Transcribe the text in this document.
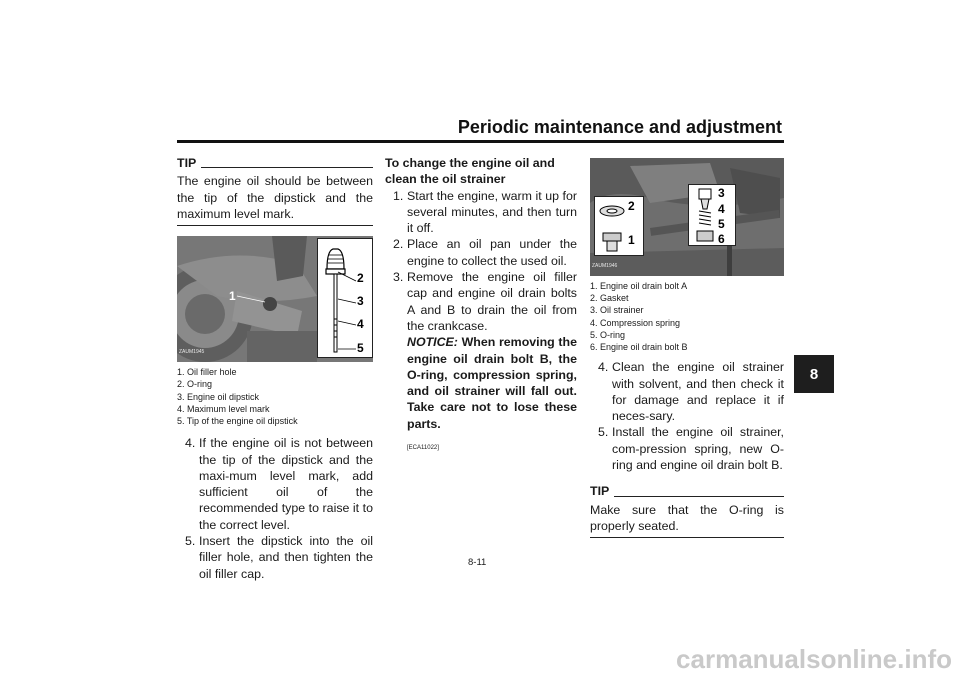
Periodic maintenance and adjustment
8
TIP
The engine oil should be between the tip of the dipstick and the maximum level mark.
1
2
3
4
5
ZAUM1945
1. Oil filler hole
2. O-ring
3. Engine oil dipstick
4. Maximum level mark
5. Tip of the engine oil dipstick
4. If the engine oil is not between the tip of the dipstick and the maxi-mum level mark, add sufficient oil of the recommended type to raise it to the correct level.
5. Insert the dipstick into the oil filler hole, and then tighten the oil filler cap.
To change the engine oil and clean the oil strainer
1. Start the engine, warm it up for several minutes, and then turn it off.
2. Place an oil pan under the engine to collect the used oil.
3. Remove the engine oil filler cap and engine oil drain bolts A and B to drain the oil from the crankcase.
NOTICE: When removing the engine oil drain bolt B, the O-ring, compression spring, and oil strainer will fall out. Take care not to lose these parts.
[ECA11022]
1
2
3
4
5
6
ZAUM1946
1. Engine oil drain bolt A
2. Gasket
3. Oil strainer
4. Compression spring
5. O-ring
6. Engine oil drain bolt B
4. Clean the engine oil strainer with solvent, and then check it for damage and replace it if neces-sary.
5. Install the engine oil strainer, com-pression spring, new O-ring and engine oil drain bolt B.
TIP
Make sure that the O-ring is properly seated.
8-11
carmanualsonline.info
